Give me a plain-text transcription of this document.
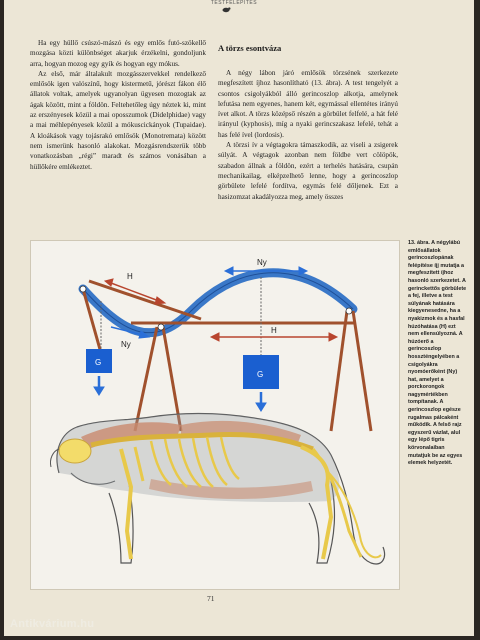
TESTFELÉPÍTÉS

Ha egy hüllő csúszó-mászó és egy emlős futó-szökellő mozgása közti különbséget akarjuk érzékelni, gondoljunk arra, hogyan mozog egy gyík és hogyan egy mókus.

Az első, már általakult mozgásszervekkel rendelkező emlősök igen valószínű, hogy kistermetű, jórészt fákon élő állatok voltak, amelyek ugyanolyan ügyesen mozogtak az ágak között, mint a földön. Feltehetőleg úgy néztek ki, mint az erszényesek közül a mai oposszumok (Didelphidae) vagy a mai méhlepényesek közül a mókuscickányok (Tupaidae). A kloákások vagy tojásrakó emlősök (Monotremata) között nem ismerünk hasonló alakokat. Mozgásrendszerük több vonatkozásban „régi” maradt és számos vonásában a hüllőkére emlékeztet.

A törzs esontváza

A négy lábon járó emlősök törzsének szerkezete megfeszített íjhoz hasonlítható (13. ábra). A test tengelyét a csontos csigolyákból álló gerincoszlop alkotja, amelynek lefutása nem egyenes, hanem két, egymással ellentétes irányú ívet alkot. A törzs középső részén a görbület felfelé, a hát felé irányul (kyphosis), míg a nyaki gerincszakasz lefelé, tehát a has felé ível (lordosis).

A törzsi ív a végtagokra támaszkodik, az viseli a zsigerek súlyát. A végtagok azonban nem földbe vert cölöpök, szabadon állnak a földön, ezért a terhelés hatására, csupán mechanikailag, elképzelhető lenne, hogy a gerincoszlop görbülete lefelé fordítva, egymás felé dőljenek. Ezt a hasizomzat akadályozza meg, amely összes

G
G
H
Ny
Ny
H
13. ábra. A négylábú emlősállatok gerincoszlopának felépítése íjj mutatja a megfeszített íjhoz hasonló szerkezetet. A gerinckettős görbülete a fej, illetve a test súlyának hatására kiegyenesedne, ha a nyakizmok és a hasfal húzóhatása (H) ezt nem ellensúlyozná. A húzóerő a gerincoszlop hosszténgelyében a csigolyákra nyomóerőként (Ny) hat, amelyet a porckorongok nagymértékben tompítanak. A gerincoszlop egésze rugalmas pálcaként működik. A felső rajz egyszerű vázlat, alul egy lépő tigris körvonalaiban mutatjuk be az egyes elemek helyzetét.
71
Antikvárium.hu
